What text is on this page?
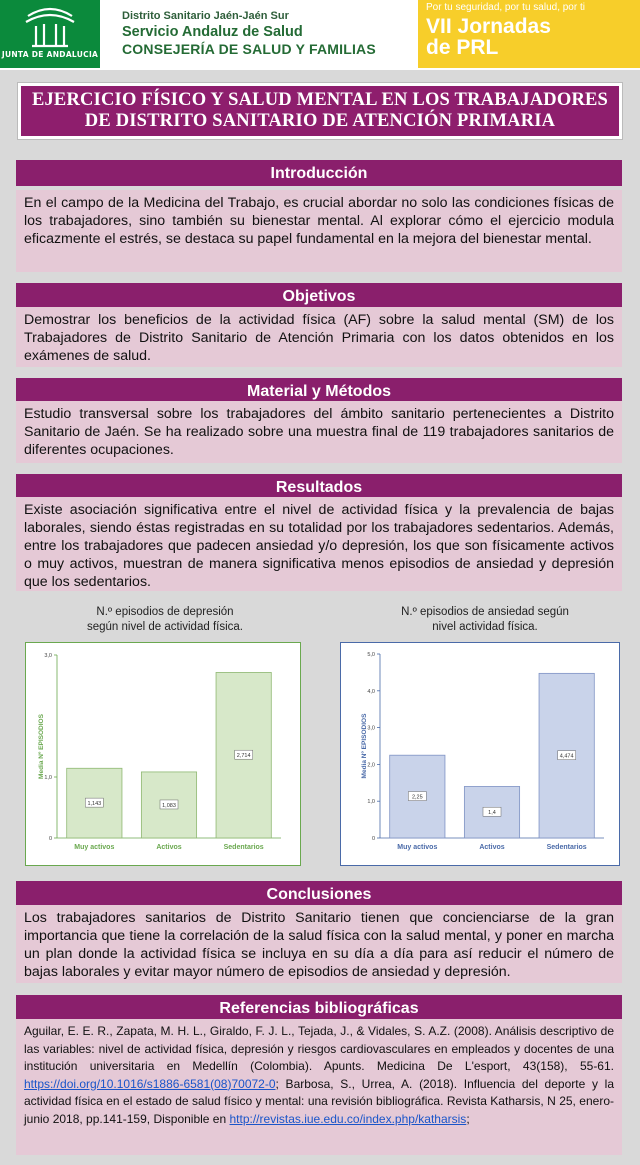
JUNTA DE ANDALUCIA
Distrito Sanitario Jaén-Jaén Sur
Servicio Andaluz de Salud
CONSEJERÍA DE SALUD Y FAMILIAS
Por tu seguridad, por tu salud, por ti
VII Jornadas
de PRL
EJERCICIO FÍSICO Y SALUD MENTAL EN LOS TRABAJADORES DE DISTRITO SANITARIO DE ATENCIÓN PRIMARIA
Introducción
En el campo de la Medicina del Trabajo, es crucial abordar no solo las condiciones físicas de los trabajadores, sino también su bienestar mental. Al explorar cómo el ejercicio modula eficazmente el estrés, se destaca su papel fundamental en la mejora del bienestar mental.
Objetivos
Demostrar los beneficios de la actividad física (AF) sobre la salud mental (SM) de los Trabajadores de Distrito Sanitario de Atención Primaria con los datos obtenidos en los exámenes de salud.
Material y Métodos
Estudio transversal sobre los trabajadores del ámbito sanitario pertenecientes a Distrito Sanitario de Jaén. Se ha realizado sobre una muestra final de 119 trabajadores sanitarios de diferentes ocupaciones.
Resultados
Existe asociación significativa entre el nivel de actividad física y la prevalencia de bajas laborales, siendo éstas registradas en su totalidad por los trabajadores sedentarios. Además, entre los trabajadores que padecen ansiedad y/o depresión, los que son físicamente activos o muy activos, muestran de manera significativa menos episodios de ansiedad y depresión que los sedentarios.
N.º episodios de depresión
según nivel de actividad física.
N.º episodios de ansiedad según
nivel actividad física.
0
1,0
3,0
Media Nº EPISODIOS
1,143
Muy activos
1,083
Activos
2,714
Sedentarios
0
1,0
2,0
3,0
4,0
5,0
Media Nº EPISODIOS
2,25
Muy activos
1,4
Activos
4,474
Sedentarios
Conclusiones
Los trabajadores sanitarios de Distrito Sanitario tienen que concienciarse de la gran importancia que tiene la correlación de la salud física con la salud mental, y poner en marcha un plan donde la actividad física se incluya en su día a día para así reducir el número de bajas laborales y evitar mayor número de episodios de ansiedad y depresión.
Referencias bibliográficas
Aguilar, E. E. R., Zapata, M. H. L., Giraldo, F. J. L., Tejada, J., & Vidales, S. A.Z. (2008). Análisis descriptivo de las variables: nivel de actividad física, depresión y riesgos cardiovasculares en empleados y docentes de una institución universitaria en Medellín (Colombia). Apunts. Medicina De L'esport, 43(158), 55-61. https://doi.org/10.1016/s1886-6581(08)70072-0; Barbosa, S., Urrea, A. (2018). Influencia del deporte y la actividad física en el estado de salud físico y mental: una revisión bibliográfica. Revista Katharsis, N 25, enero-junio 2018, pp.141-159, Disponible en http://revistas.iue.edu.co/index.php/katharsis;
